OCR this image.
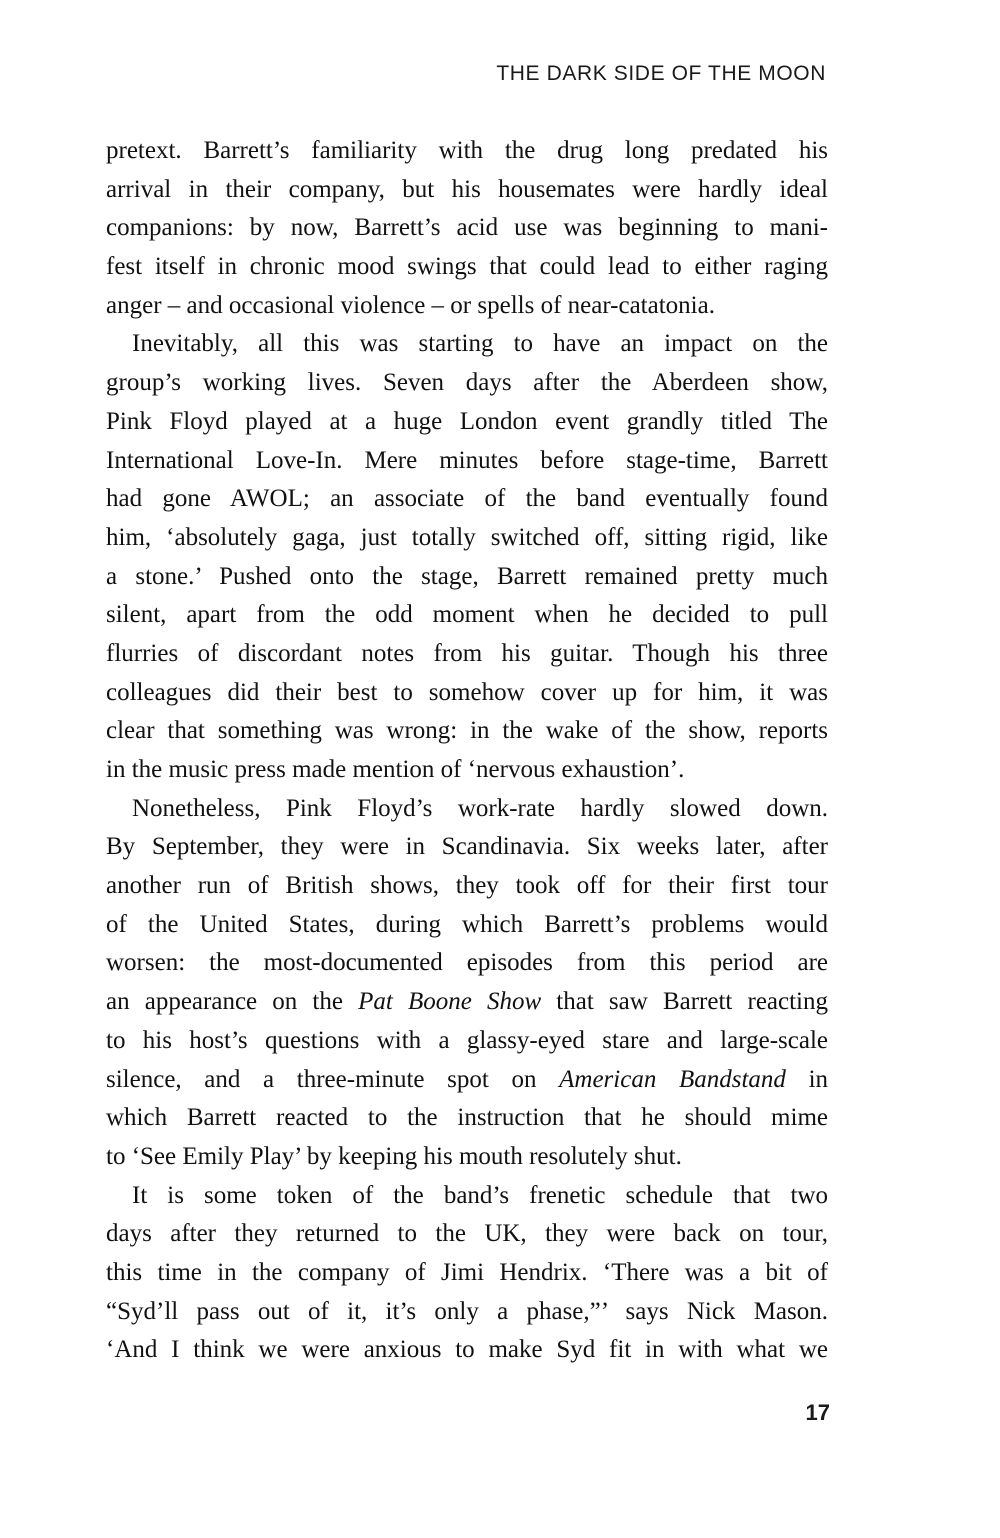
THE DARK SIDE OF THE MOON
pretext. Barrett’s familiarity with the drug long predated his
arrival in their company, but his housemates were hardly ideal
companions: by now, Barrett’s acid use was beginning to mani-
fest itself in chronic mood swings that could lead to either raging
anger – and occasional violence – or spells of near-catatonia.
Inevitably, all this was starting to have an impact on the
group’s working lives. Seven days after the Aberdeen show,
Pink Floyd played at a huge London event grandly titled The
International Love-In. Mere minutes before stage-time, Barrett
had gone AWOL; an associate of the band eventually found
him, ‘absolutely gaga, just totally switched off, sitting rigid, like
a stone.’ Pushed onto the stage, Barrett remained pretty much
silent, apart from the odd moment when he decided to pull
flurries of discordant notes from his guitar. Though his three
colleagues did their best to somehow cover up for him, it was
clear that something was wrong: in the wake of the show, reports
in the music press made mention of ‘nervous exhaustion’.
Nonetheless, Pink Floyd’s work-rate hardly slowed down.
By September, they were in Scandinavia. Six weeks later, after
another run of British shows, they took off for their first tour
of the United States, during which Barrett’s problems would
worsen: the most-documented episodes from this period are
an appearance on the Pat Boone Show that saw Barrett reacting
to his host’s questions with a glassy-eyed stare and large-scale
silence, and a three-minute spot on American Bandstand in
which Barrett reacted to the instruction that he should mime
to ‘See Emily Play’ by keeping his mouth resolutely shut.
It is some token of the band’s frenetic schedule that two
days after they returned to the UK, they were back on tour,
this time in the company of Jimi Hendrix. ‘There was a bit of
“Syd’ll pass out of it, it’s only a phase,”’ says Nick Mason.
‘And I think we were anxious to make Syd fit in with what we
17
